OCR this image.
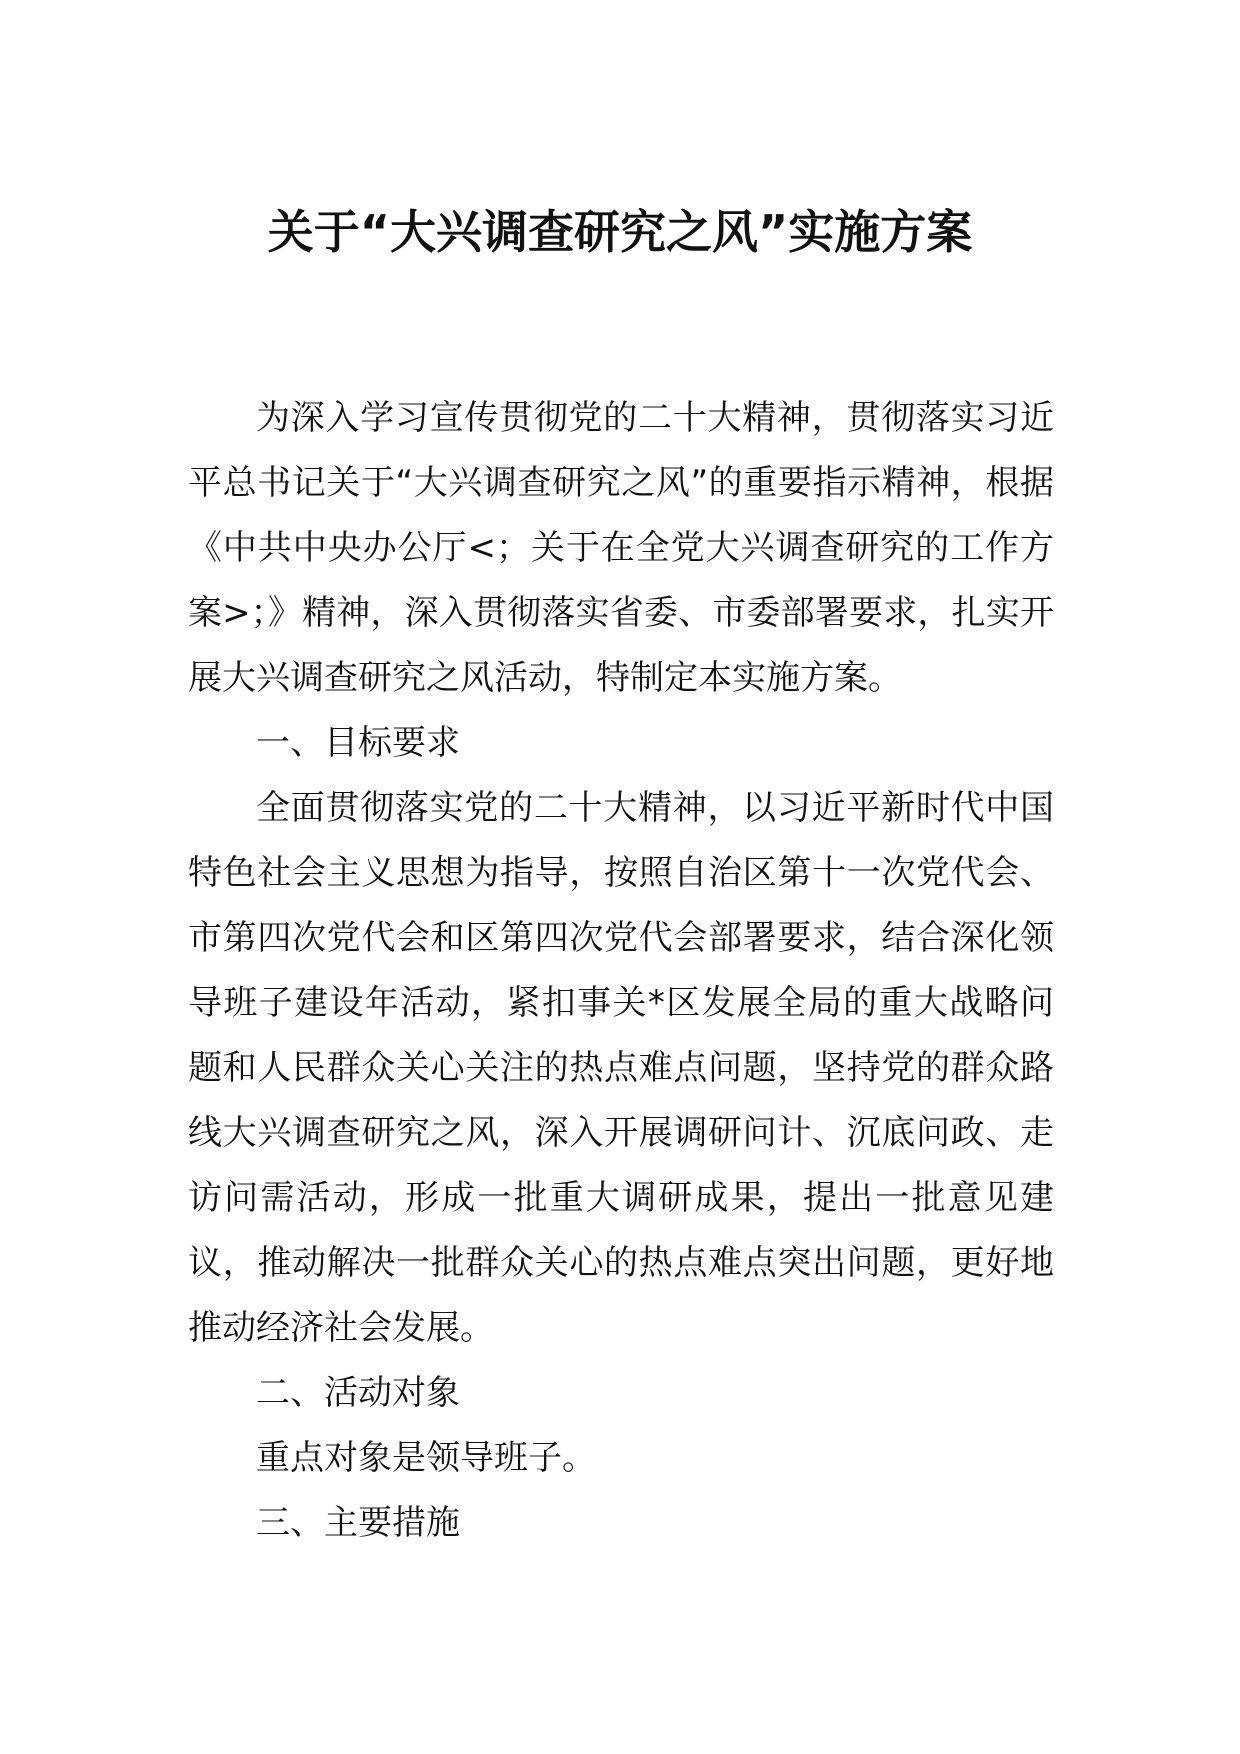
关于“大兴调查研究之风”实施方案

为深入学习宣传贯彻党的二十大精神，贯彻落实习近平总书记关于“大兴调查研究之风”的重要指示精神，根据《中共中央办公厅<；关于在全党大兴调查研究的工作方案>；》精神，深入贯彻落实省委、市委部署要求，扎实开展大兴调查研究之风活动，特制定本实施方案。

一、目标要求

全面贯彻落实党的二十大精神，以习近平新时代中国特色社会主义思想为指导，按照自治区第十一次党代会、市第四次党代会和区第四次党代会部署要求，结合深化领导班子建设年活动，紧扣事关*区发展全局的重大战略问题和人民群众关心关注的热点难点问题，坚持党的群众路线大兴调查研究之风，深入开展调研问计、沉底问政、走访问需活动，形成一批重大调研成果，提出一批意见建议，推动解决一批群众关心的热点难点突出问题，更好地推动经济社会发展。

二、活动对象

重点对象是领导班子。

三、主要措施
